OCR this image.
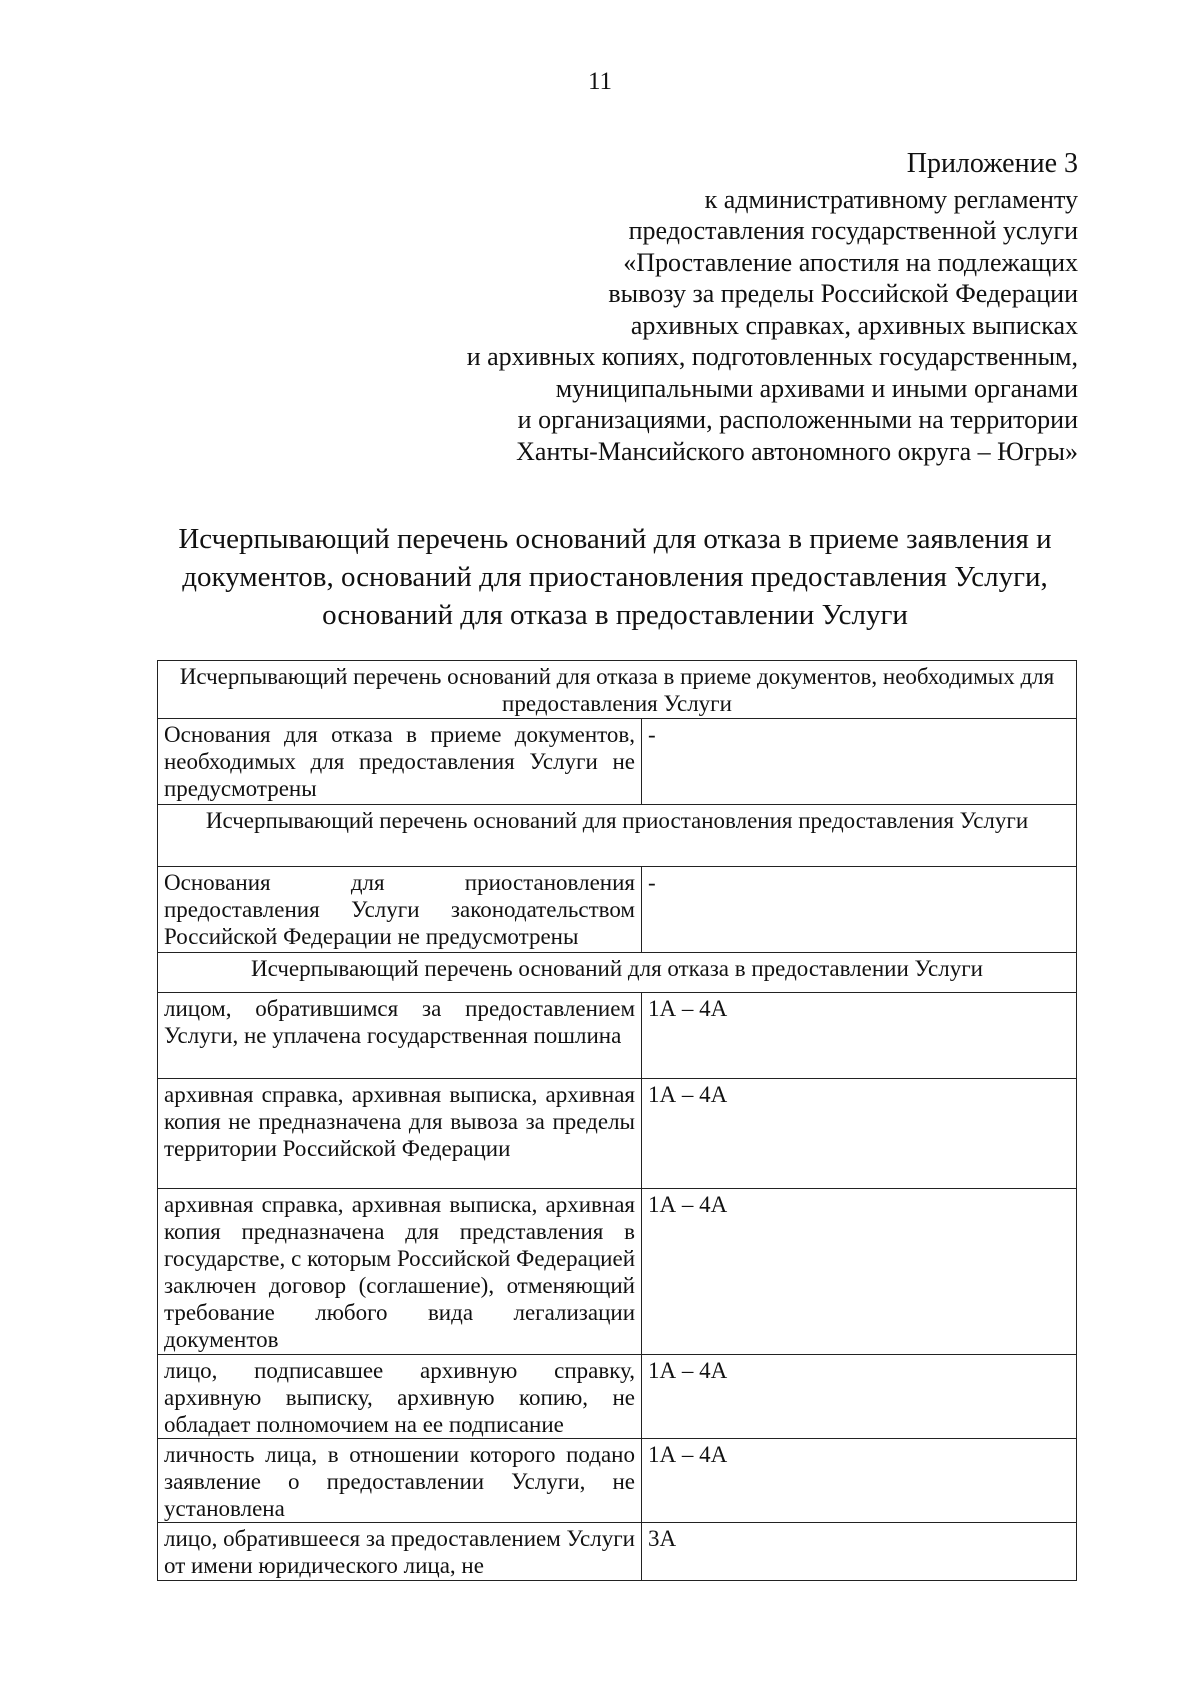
11
Приложение 3
к административному регламенту
предоставления государственной услуги
«Проставление апостиля на подлежащих
вывозу за пределы Российской Федерации
архивных справках, архивных выписках
и архивных копиях, подготовленных государственным,
муниципальными архивами и иными органами
и организациями, расположенными на территории
Ханты-Мансийского автономного округа – Югры»
Исчерпывающий перечень оснований для отказа в приеме заявления и
документов, оснований для приостановления предоставления Услуги,
оснований для отказа в предоставлении Услуги
Исчерпывающий перечень оснований для отказа в приеме документов, необходимых для предоставления Услуги	
Основания для отказа в приеме документов, необходимых для предоставления Услуги не предусмотрены	-
Исчерпывающий перечень оснований для приостановления предоставления Услуги	
Основания для приостановления предоставления Услуги законодательством Российской Федерации не предусмотрены	-
Исчерпывающий перечень оснований для отказа в предоставлении Услуги	
лицом, обратившимся за предоставлением Услуги, не уплачена государственная пошлина	1А – 4А
архивная справка, архивная выписка, архивная копия не предназначена для вывоза за пределы территории Российской Федерации	1А – 4А
архивная справка, архивная выписка, архивная копия предназначена для представления в государстве, с которым Российской Федерацией заключен договор (соглашение), отменяющий требование любого вида легализации документов	1А – 4А
лицо, подписавшее архивную справку, архивную выписку, архивную копию, не обладает полномочием на ее подписание	1А – 4А
личность лица, в отношении которого подано заявление о предоставлении Услуги, не установлена	1А – 4А
лицо, обратившееся за предоставлением Услуги от имени юридического лица, не	3А
